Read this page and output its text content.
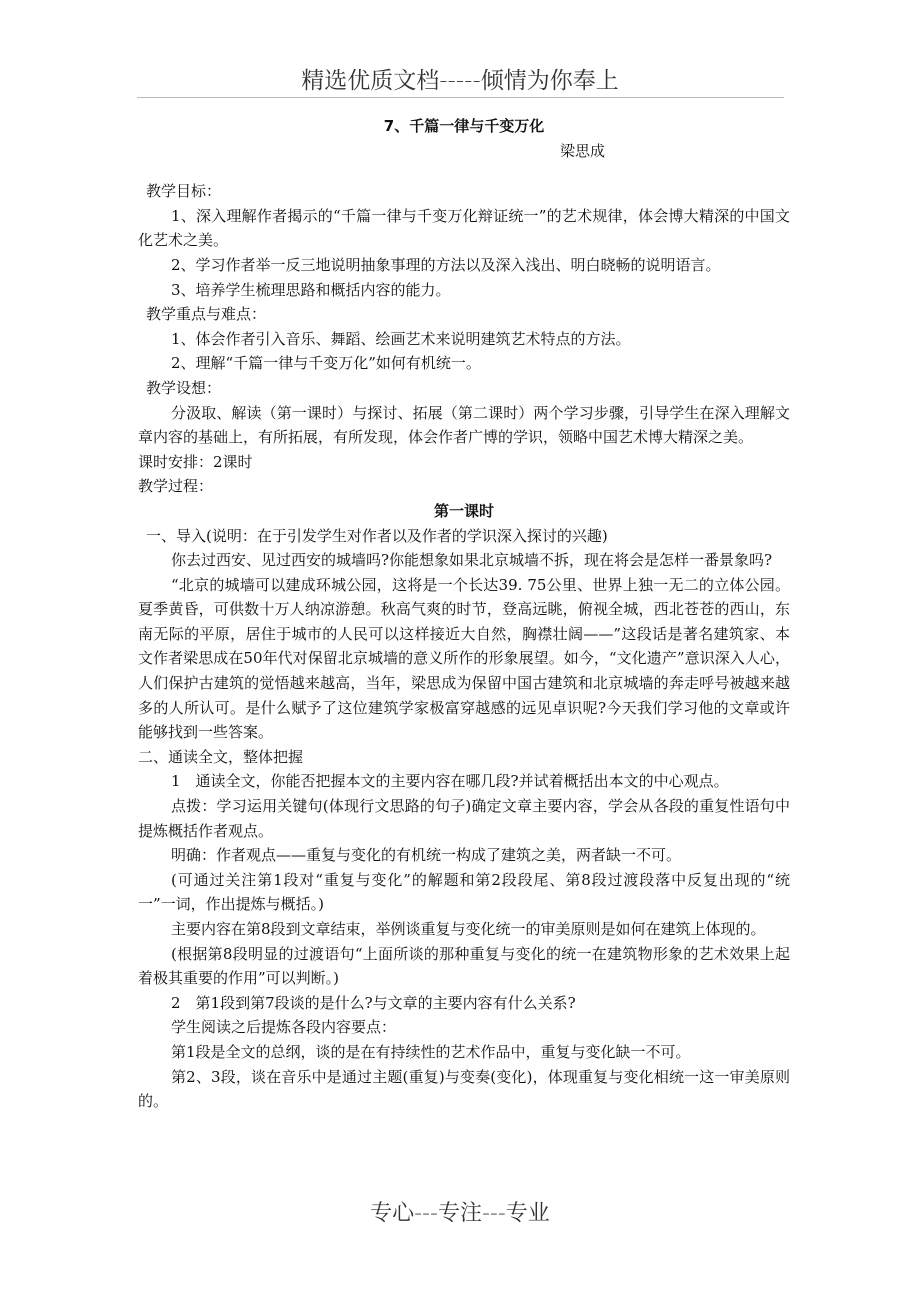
精选优质文档-----倾情为你奉上

7、千篇一律与千变万化

梁思成

教学目标：

1、深入理解作者揭示的“千篇一律与千变万化辩证统一”的艺术规律，体会博大精深的中国文化艺术之美。

2、学习作者举一反三地说明抽象事理的方法以及深入浅出、明白晓畅的说明语言。

3、培养学生梳理思路和概括内容的能力。

教学重点与难点：

1、体会作者引入音乐、舞蹈、绘画艺术来说明建筑艺术特点的方法。

2、理解“千篇一律与千变万化”如何有机统一。

教学设想：

分汲取、解读（第一课时）与探讨、拓展（第二课时）两个学习步骤，引导学生在深入理解文章内容的基础上，有所拓展，有所发现，体会作者广博的学识，领略中国艺术博大精深之美。

课时安排：2课时

教学过程：

第一课时

一、导入(说明：在于引发学生对作者以及作者的学识深入探讨的兴趣)

你去过西安、见过西安的城墙吗?你能想象如果北京城墙不拆，现在将会是怎样一番景象吗?

“北京的城墙可以建成环城公园，这将是一个长达39. 75公里、世界上独一无二的立体公园。夏季黄昏，可供数十万人纳凉游憩。秋高气爽的时节，登高远眺，俯视全城，西北苍苍的西山，东南无际的平原，居住于城市的人民可以这样接近大自然，胸襟壮阔——”这段话是著名建筑家、本文作者梁思成在50年代对保留北京城墙的意义所作的形象展望。如今，“文化遗产”意识深入人心，人们保护古建筑的觉悟越来越高，当年，梁思成为保留中国古建筑和北京城墙的奔走呼号被越来越多的人所认可。是什么赋予了这位建筑学家极富穿越感的远见卓识呢?今天我们学习他的文章或许能够找到一些答案。

二、通读全文，整体把握

1　通读全文，你能否把握本文的主要内容在哪几段?并试着概括出本文的中心观点。

点拨：学习运用关键句(体现行文思路的句子)确定文章主要内容，学会从各段的重复性语句中提炼概括作者观点。

明确：作者观点——重复与变化的有机统一构成了建筑之美，两者缺一不可。

(可通过关注第1段对“重复与变化”的解题和第2段段尾、第8段过渡段落中反复出现的“统一”一词，作出提炼与概括。)

主要内容在第8段到文章结束，举例谈重复与变化统一的审美原则是如何在建筑上体现的。

(根据第8段明显的过渡语句“上面所谈的那种重复与变化的统一在建筑物形象的艺术效果上起着极其重要的作用”可以判断。)

2　第1段到第7段谈的是什么?与文章的主要内容有什么关系?

学生阅读之后提炼各段内容要点：

第1段是全文的总纲，谈的是在有持续性的艺术作品中，重复与变化缺一不可。

第2、3段，谈在音乐中是通过主题(重复)与变奏(变化)，体现重复与变化相统一这一审美原则的。

专心---专注---专业
